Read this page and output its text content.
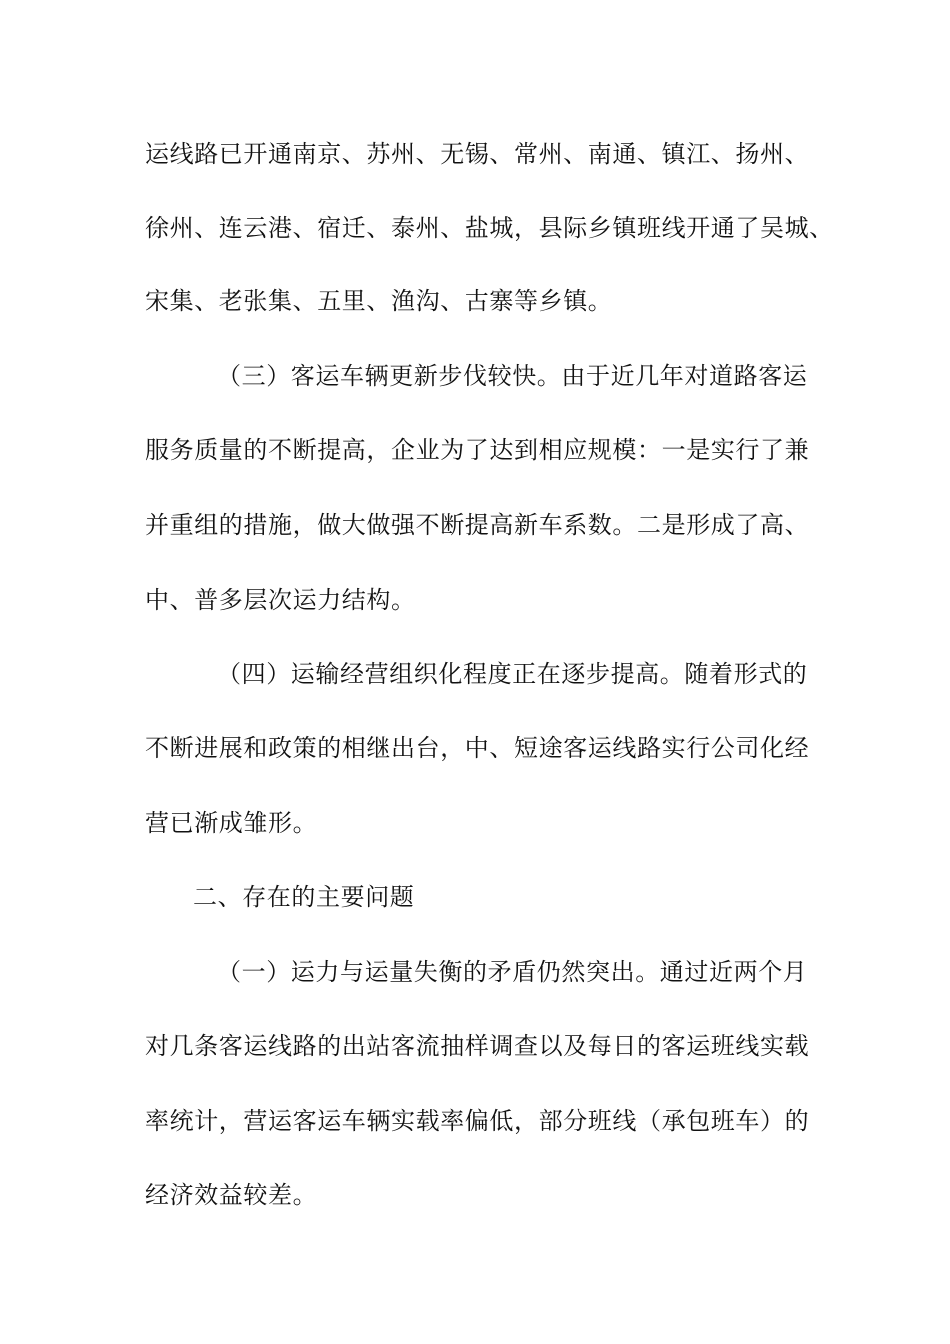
运线路已开通南京、苏州、无锡、常州、南通、镇江、扬州、
徐州、连云港、宿迁、泰州、盐城，县际乡镇班线开通了吴城、
宋集、老张集、五里、渔沟、古寨等乡镇。
（三）客运车辆更新步伐较快。由于近几年对道路客运
服务质量的不断提高，企业为了达到相应规模：一是实行了兼
并重组的措施，做大做强不断提高新车系数。二是形成了高、
中、普多层次运力结构。
（四）运输经营组织化程度正在逐步提高。随着形式的
不断进展和政策的相继出台，中、短途客运线路实行公司化经
营已渐成雏形。
二、存在的主要问题
（一）运力与运量失衡的矛盾仍然突出。通过近两个月
对几条客运线路的出站客流抽样调查以及每日的客运班线实载
率统计，营运客运车辆实载率偏低，部分班线（承包班车）的
经济效益较差。
